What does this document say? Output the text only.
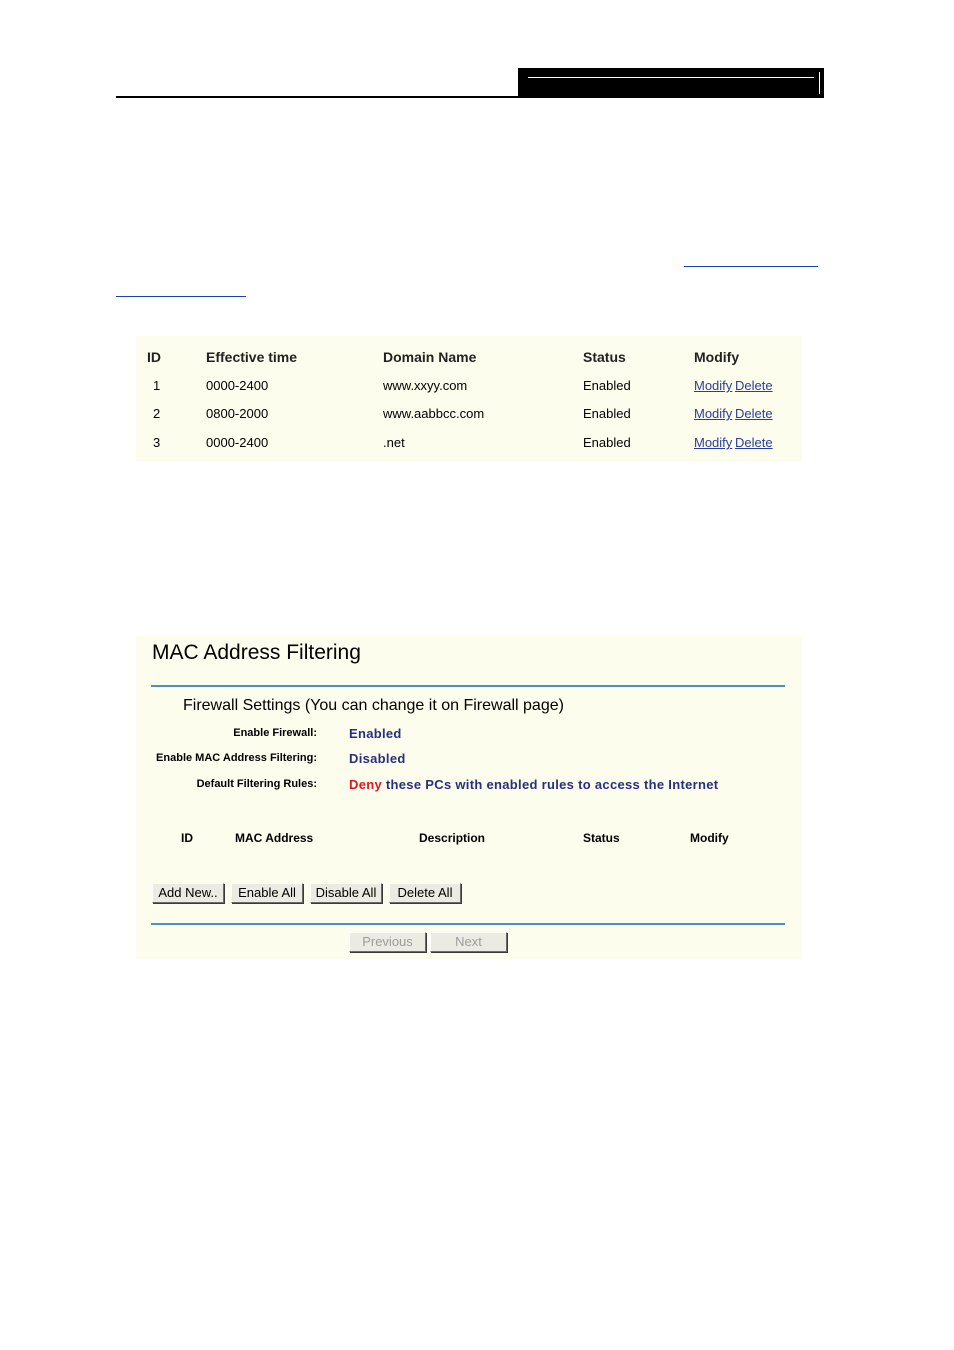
ID	Effective time	Domain Name	Status	Modify
1	0000-2400	www.xxyy.com	Enabled	Modify Delete
2	0800-2000	www.aabbcc.com	Enabled	Modify Delete
3	0000-2400	.net	Enabled	Modify Delete
MAC Address Filtering
Firewall Settings (You can change it on Firewall page)
Enable Firewall: Enabled
Enable MAC Address Filtering: Disabled
Default Filtering Rules: Deny these PCs with enabled rules to access the Internet
ID	MAC Address	Description	Status	Modify
Add New..	Enable All	Disable All	Delete All
Previous	Next
